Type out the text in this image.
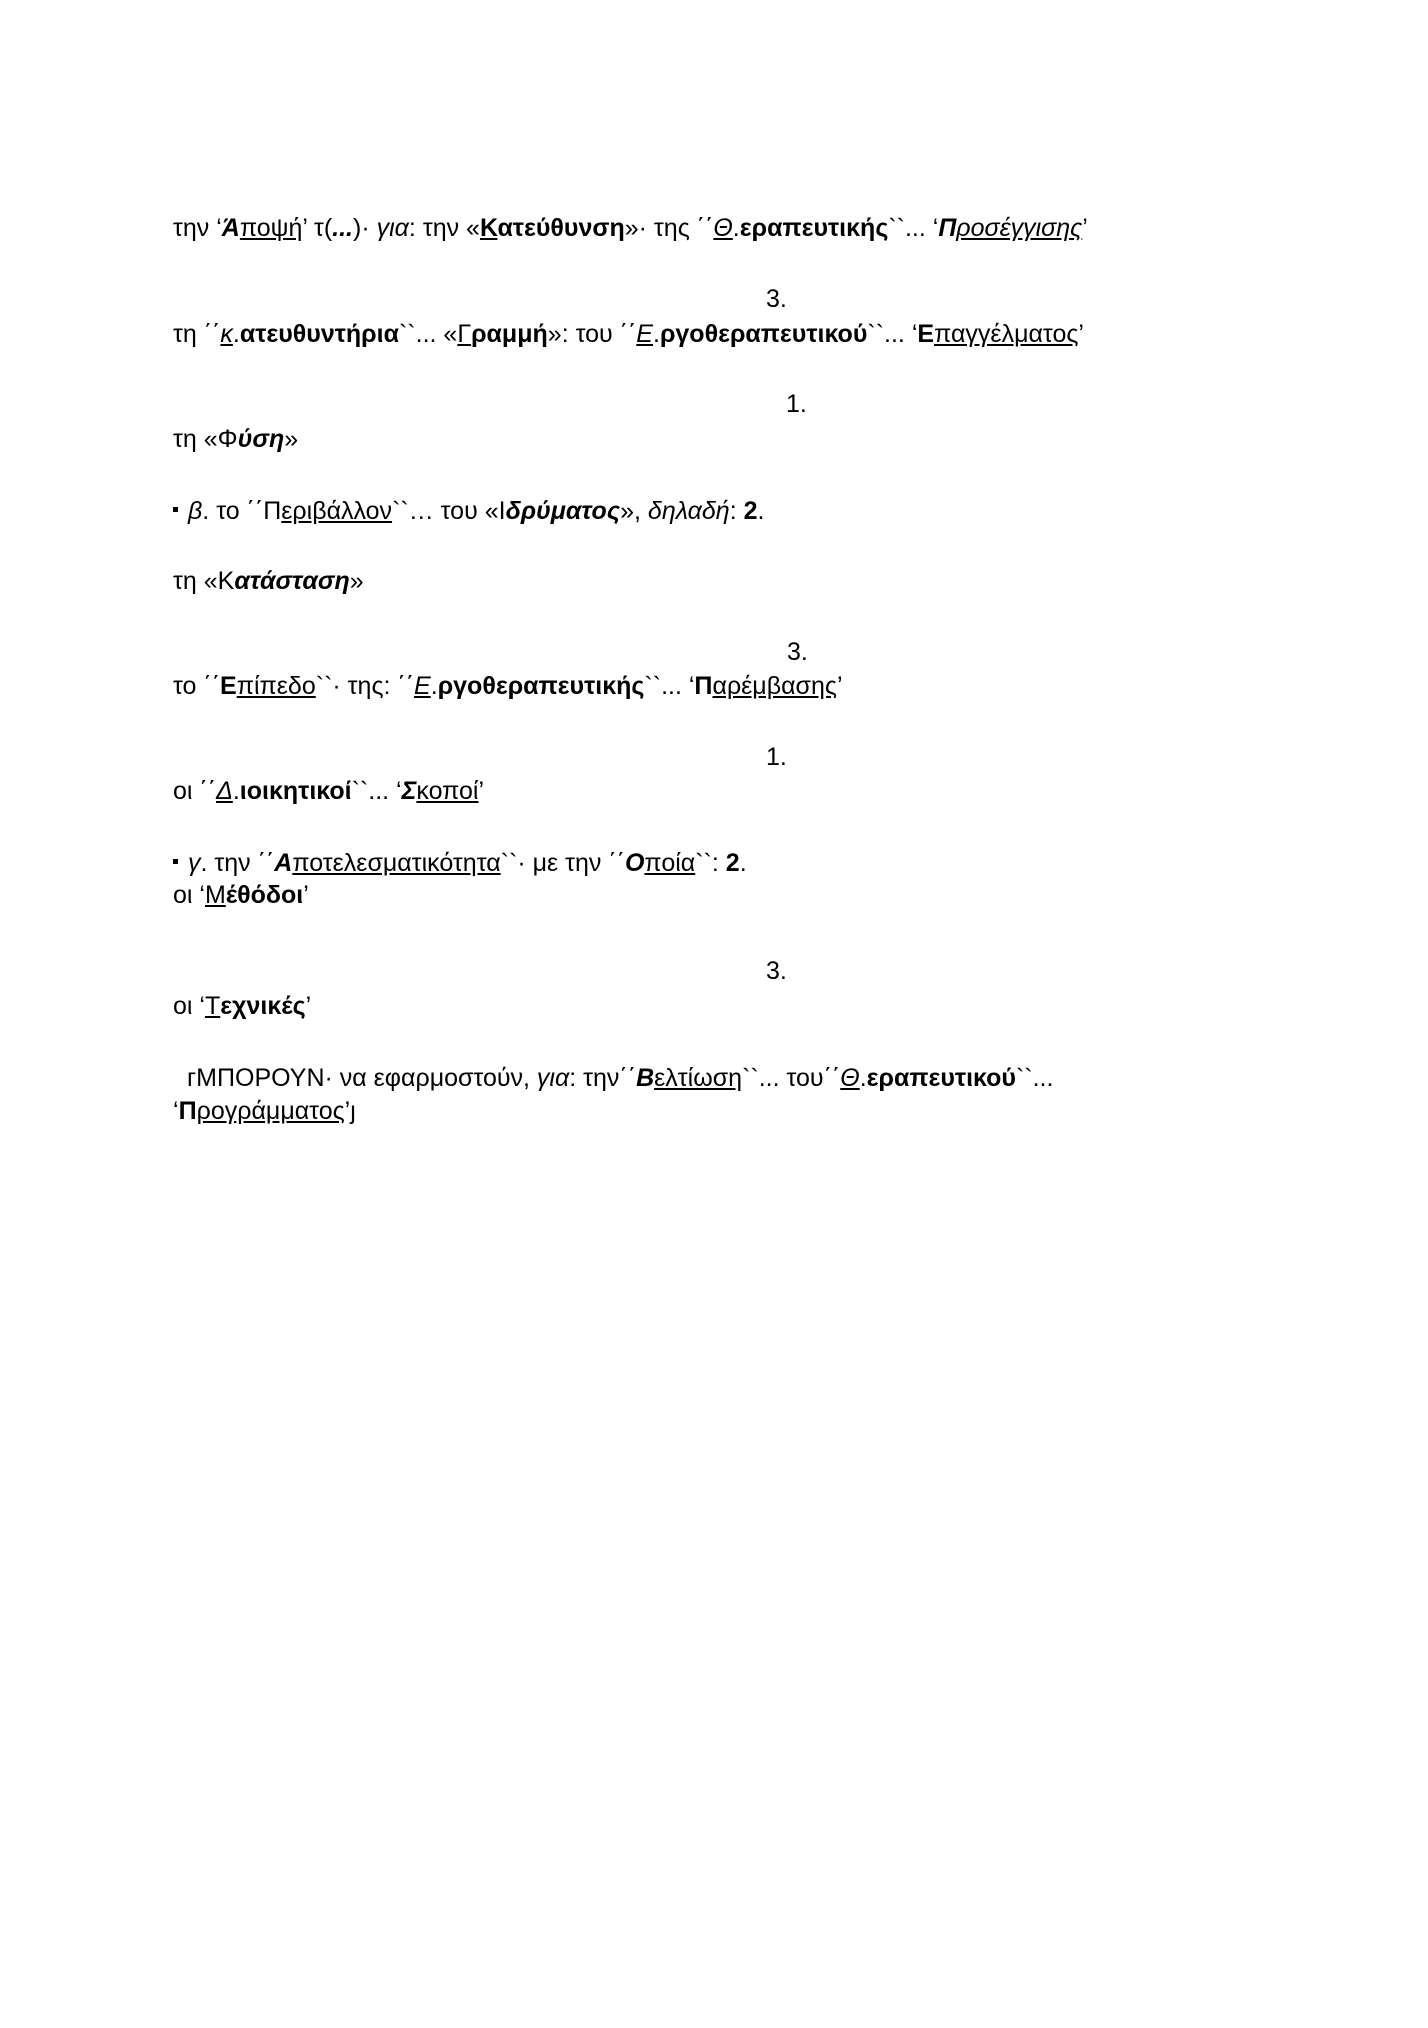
την ‘Άποψή’ τ(...)· για: την «Κατεύθυνση»· της ΄΄Θ.εραπευτικής``... ‘Προσέγγισης’
3.
τη ΄΄κ.ατευθυντήρια``... «Γραμμή»: του ΄΄Ε.ργοθεραπευτικού``... ‘Επαγγέλματος’
1.
τη «Φύση»
β. το ΄΄Περιβάλλον``… του «Ιδρύματος», δηλαδή: 2.
τη «Κατάσταση»
3.
το ΄΄Επίπεδο``· της: ΄΄Ε.ργοθεραπευτικής``... ‘Παρέμβασης’
1.
οι ΄΄Δ.ιοικητικοί``... ‘Σκοποί’
γ. την ΄΄Αποτελεσματικότητα``· με την ΄΄Οποία``: 2.
οι ‘Μέθόδοι’
3.
οι ‘Τεχνικές’
ᴦΜΠΟΡΟΥΝ· να εφαρμοστούν, για: την΄΄Βελτίωση``... του΄΄Θ.εραπευτικού``...
‘Προγράμματος’ȷ
